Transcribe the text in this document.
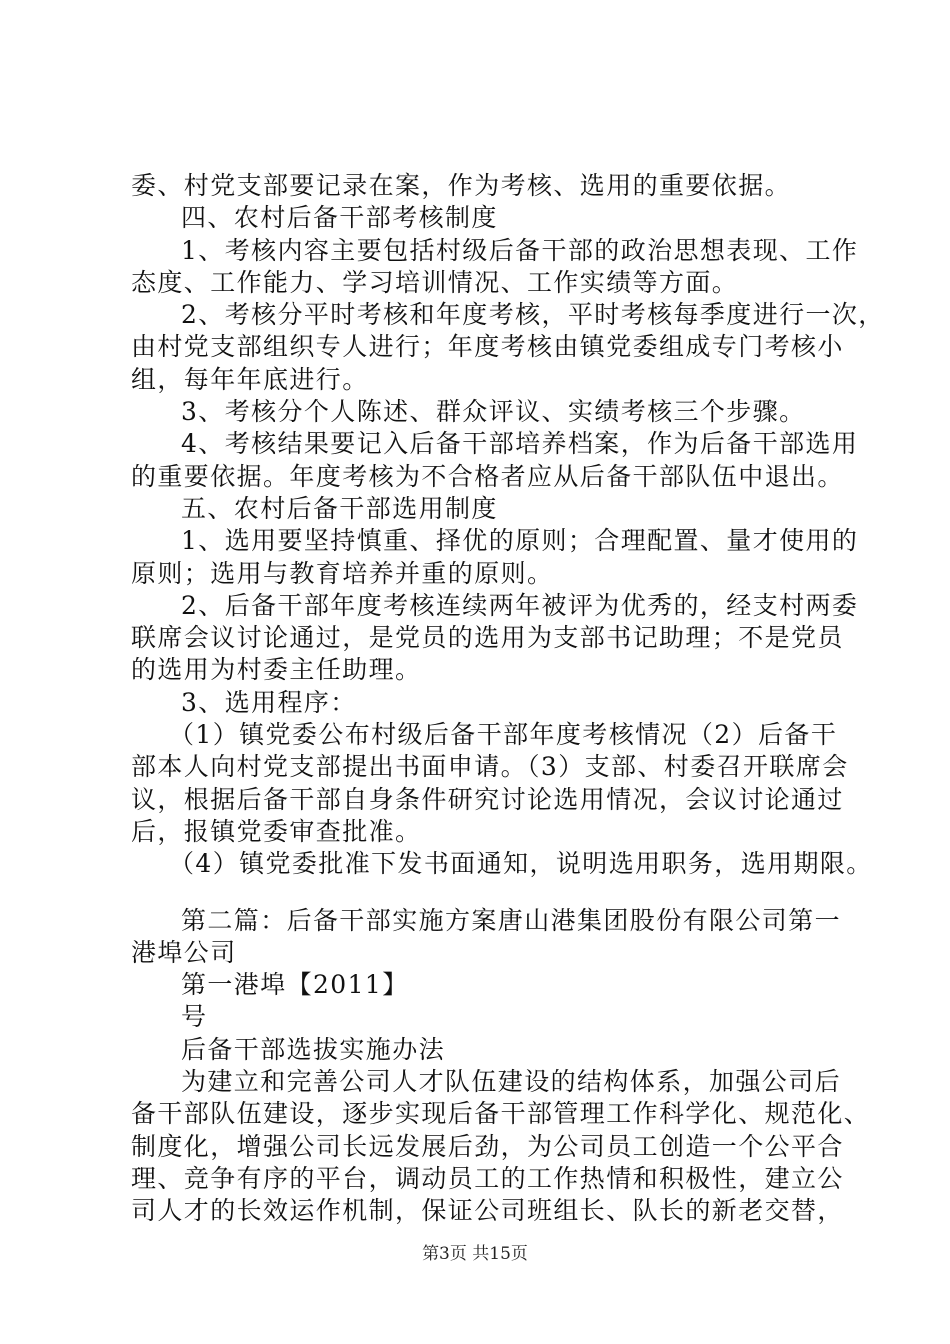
委、村党支部要记录在案，作为考核、选用的重要依据。
四、农村后备干部考核制度
1、考核内容主要包括村级后备干部的政治思想表现、工作
态度、工作能力、学习培训情况、工作实绩等方面。
2、考核分平时考核和年度考核，平时考核每季度进行一次，
由村党支部组织专人进行；年度考核由镇党委组成专门考核小
组，每年年底进行。
3、考核分个人陈述、群众评议、实绩考核三个步骤。
4、考核结果要记入后备干部培养档案，作为后备干部选用
的重要依据。年度考核为不合格者应从后备干部队伍中退出。
五、农村后备干部选用制度
1、选用要坚持慎重、择优的原则；合理配置、量才使用的
原则；选用与教育培养并重的原则。
2、后备干部年度考核连续两年被评为优秀的，经支村两委
联席会议讨论通过，是党员的选用为支部书记助理；不是党员
的选用为村委主任助理。
3、选用程序：
（1）镇党委公布村级后备干部年度考核情况（2）后备干
部本人向村党支部提出书面申请。（3）支部、村委召开联席会
议，根据后备干部自身条件研究讨论选用情况，会议讨论通过
后，报镇党委审查批准。
（4）镇党委批准下发书面通知，说明选用职务，选用期限。
第二篇：后备干部实施方案唐山港集团股份有限公司第一
港埠公司
第一港埠【2011】
号
后备干部选拔实施办法
为建立和完善公司人才队伍建设的结构体系，加强公司后
备干部队伍建设，逐步实现后备干部管理工作科学化、规范化、
制度化，增强公司长远发展后劲，为公司员工创造一个公平合
理、竞争有序的平台，调动员工的工作热情和积极性，建立公
司人才的长效运作机制，保证公司班组长、队长的新老交替，
第3页 共15页
